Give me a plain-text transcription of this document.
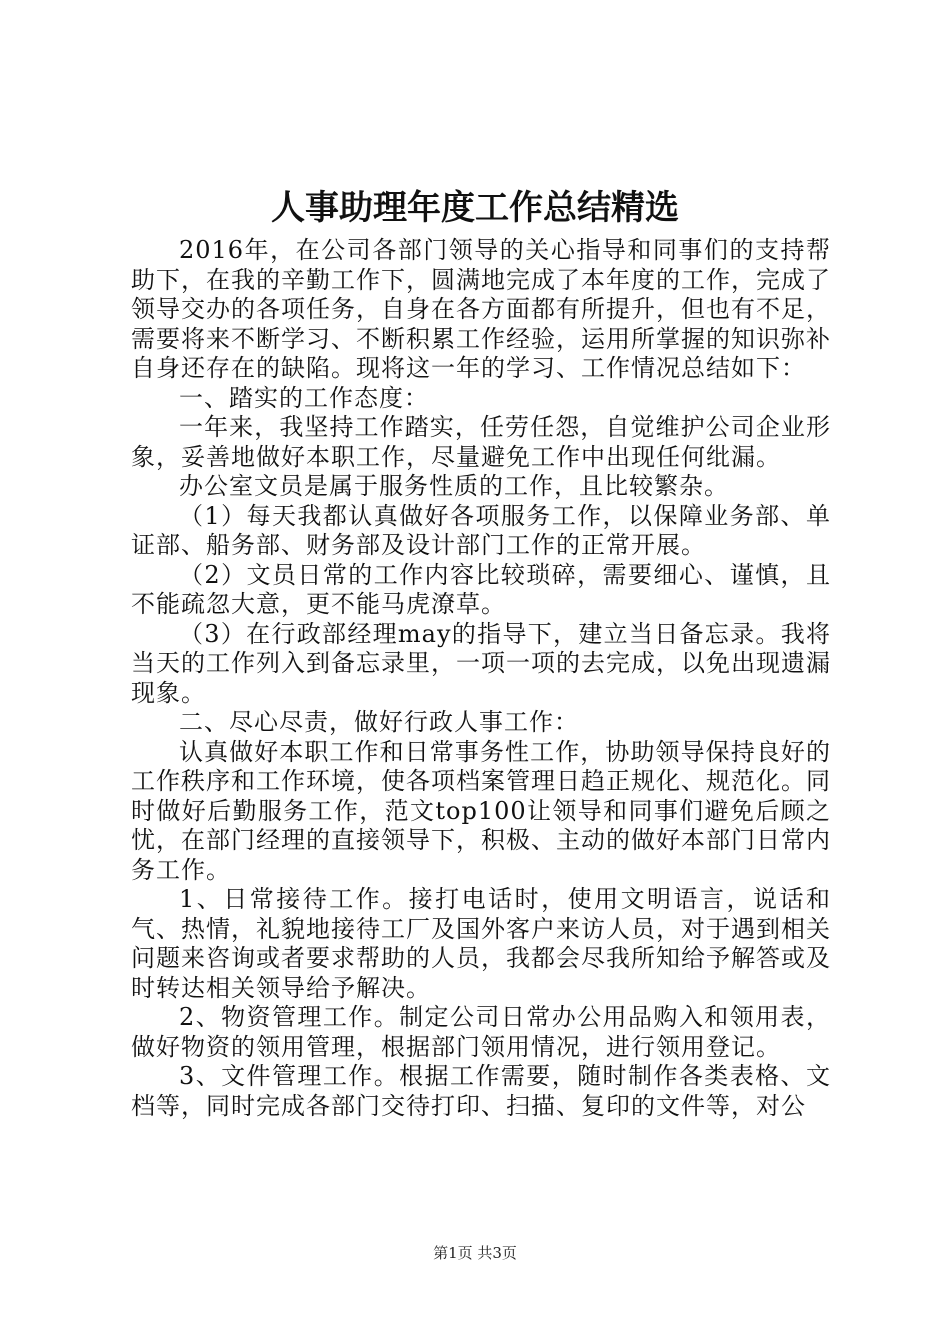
人事助理年度工作总结精选

2016年，在公司各部门领导的关心指导和同事们的支持帮助下，在我的辛勤工作下，圆满地完成了本年度的工作，完成了领导交办的各项任务，自身在各方面都有所提升，但也有不足，需要将来不断学习、不断积累工作经验，运用所掌握的知识弥补自身还存在的缺陷。现将这一年的学习、工作情况总结如下：

一、踏实的工作态度：

一年来，我坚持工作踏实，任劳任怨，自觉维护公司企业形象，妥善地做好本职工作，尽量避免工作中出现任何纰漏。

办公室文员是属于服务性质的工作，且比较繁杂。

（1）每天我都认真做好各项服务工作，以保障业务部、单证部、船务部、财务部及设计部门工作的正常开展。

（2）文员日常的工作内容比较琐碎，需要细心、谨慎，且不能疏忽大意，更不能马虎潦草。

（3）在行政部经理may的指导下，建立当日备忘录。我将当天的工作列入到备忘录里，一项一项的去完成，以免出现遗漏现象。

二、尽心尽责，做好行政人事工作：

认真做好本职工作和日常事务性工作，协助领导保持良好的工作秩序和工作环境，使各项档案管理日趋正规化、规范化。同时做好后勤服务工作，范文top100让领导和同事们避免后顾之忧，在部门经理的直接领导下，积极、主动的做好本部门日常内务工作。

1、日常接待工作。接打电话时，使用文明语言，说话和气、热情，礼貌地接待工厂及国外客户来访人员，对于遇到相关问题来咨询或者要求帮助的人员，我都会尽我所知给予解答或及时转达相关领导给予解决。

2、物资管理工作。制定公司日常办公用品购入和领用表，做好物资的领用管理，根据部门领用情况，进行领用登记。

3、文件管理工作。根据工作需要，随时制作各类表格、文档等，同时完成各部门交待打印、扫描、复印的文件等，对公

第1页 共3页
